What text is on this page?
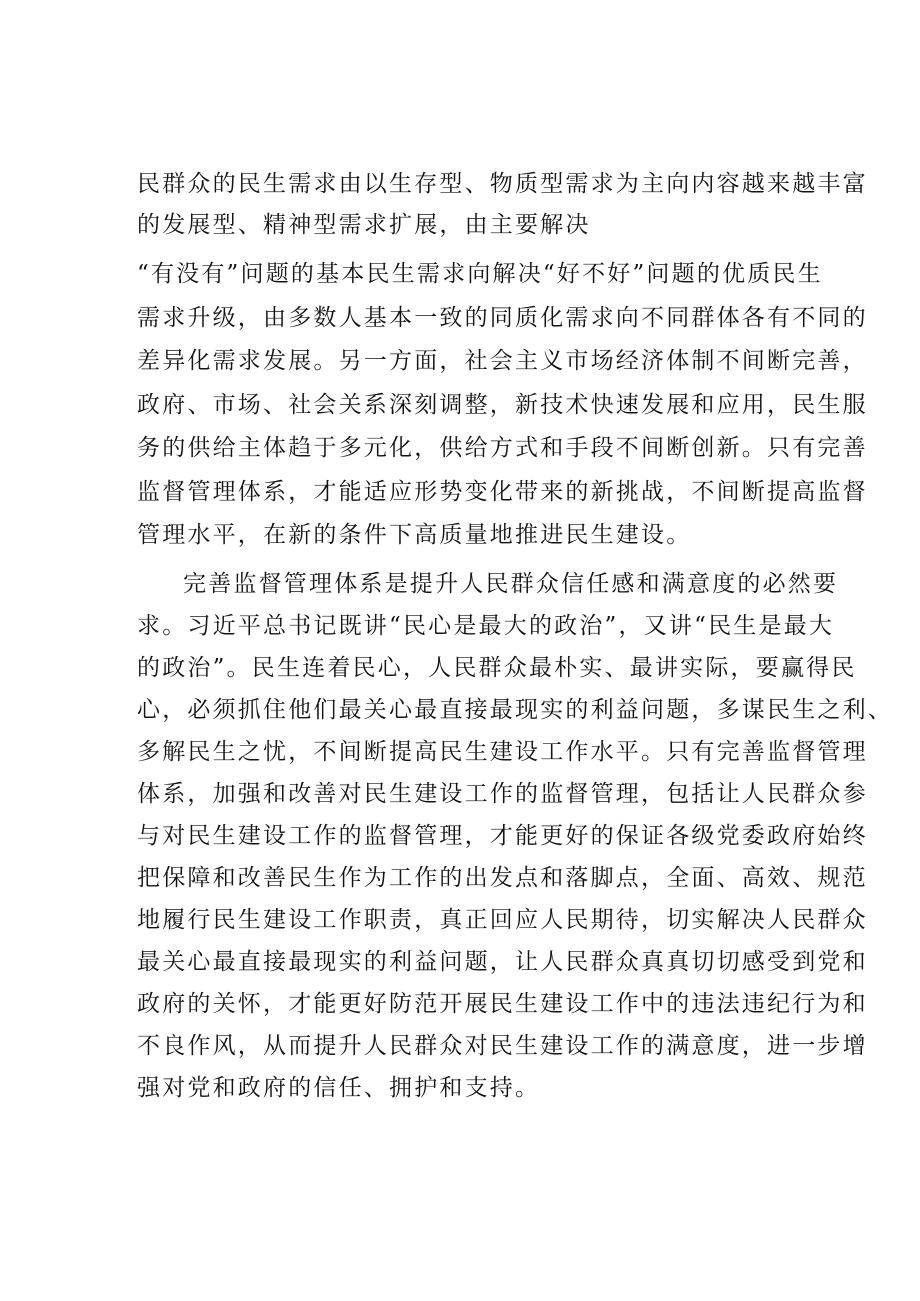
民群众的民生需求由以生存型、物质型需求为主向内容越来越丰富

的发展型、精神型需求扩展，由主要解决

“有没有”问题的基本民生需求向解决“好不好”问题的优质民生

需求升级，由多数人基本一致的同质化需求向不同群体各有不同的

差异化需求发展。另一方面，社会主义市场经济体制不间断完善，

政府、市场、社会关系深刻调整，新技术快速发展和应用，民生服

务的供给主体趋于多元化，供给方式和手段不间断创新。只有完善

监督管理体系，才能适应形势变化带来的新挑战，不间断提高监督

管理水平，在新的条件下高质量地推进民生建设。

完善监督管理体系是提升人民群众信任感和满意度的必然要

求。习近平总书记既讲“民心是最大的政治”，又讲“民生是最大

的政治”。民生连着民心，人民群众最朴实、最讲实际，要赢得民

心，必须抓住他们最关心最直接最现实的利益问题，多谋民生之利、

多解民生之忧，不间断提高民生建设工作水平。只有完善监督管理

体系，加强和改善对民生建设工作的监督管理，包括让人民群众参

与对民生建设工作的监督管理，才能更好的保证各级党委政府始终

把保障和改善民生作为工作的出发点和落脚点，全面、高效、规范

地履行民生建设工作职责，真正回应人民期待，切实解决人民群众

最关心最直接最现实的利益问题，让人民群众真真切切感受到党和

政府的关怀，才能更好防范开展民生建设工作中的违法违纪行为和

不良作风，从而提升人民群众对民生建设工作的满意度，进一步增

强对党和政府的信任、拥护和支持。
